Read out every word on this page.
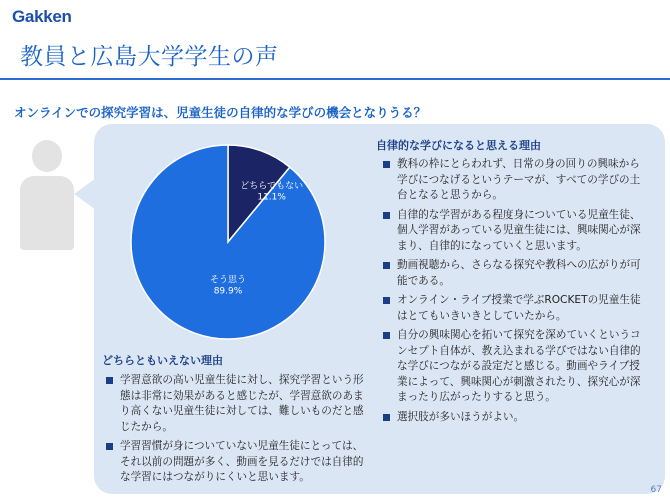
Gakken
教員と広島大学学生の声
オンラインでの探究学習は、児童生徒の自律的な学びの機会となりうる？
どちらでもない
11.1%
そう思う
89.9%
どちらともいえない理由
学習意欲の高い児童生徒に対し、探究学習という形態は非常に効果があると感じたが、学習意欲のあまり高くない児童生徒に対しては、難しいものだと感じたから。
学習習慣が身についていない児童生徒にとっては、それ以前の問題が多く、動画を見るだけでは自律的な学習にはつながりにくいと思います。
自律的な学びになると思える理由
教科の枠にとらわれず、日常の身の回りの興味から学びにつなげるというテーマが、すべての学びの土台となると思うから。
自律的な学習がある程度身についている児童生徒、個人学習があっている児童生徒には、興味関心が深まり、自律的になっていくと思います。
動画視聴から、さらなる探究や教科への広がりが可能である。
オンライン・ライブ授業で学ぶROCKETの児童生徒はとてもいきいきとしていたから。
自分の興味関心を拓いて探究を深めていくというコンセプト自体が、教え込まれる学びではない自律的な学びにつながる設定だと感じる。動画やライブ授業によって、興味関心が刺激されたり、探究心が深まったり広がったりすると思う。
選択肢が多いほうがよい。
67
